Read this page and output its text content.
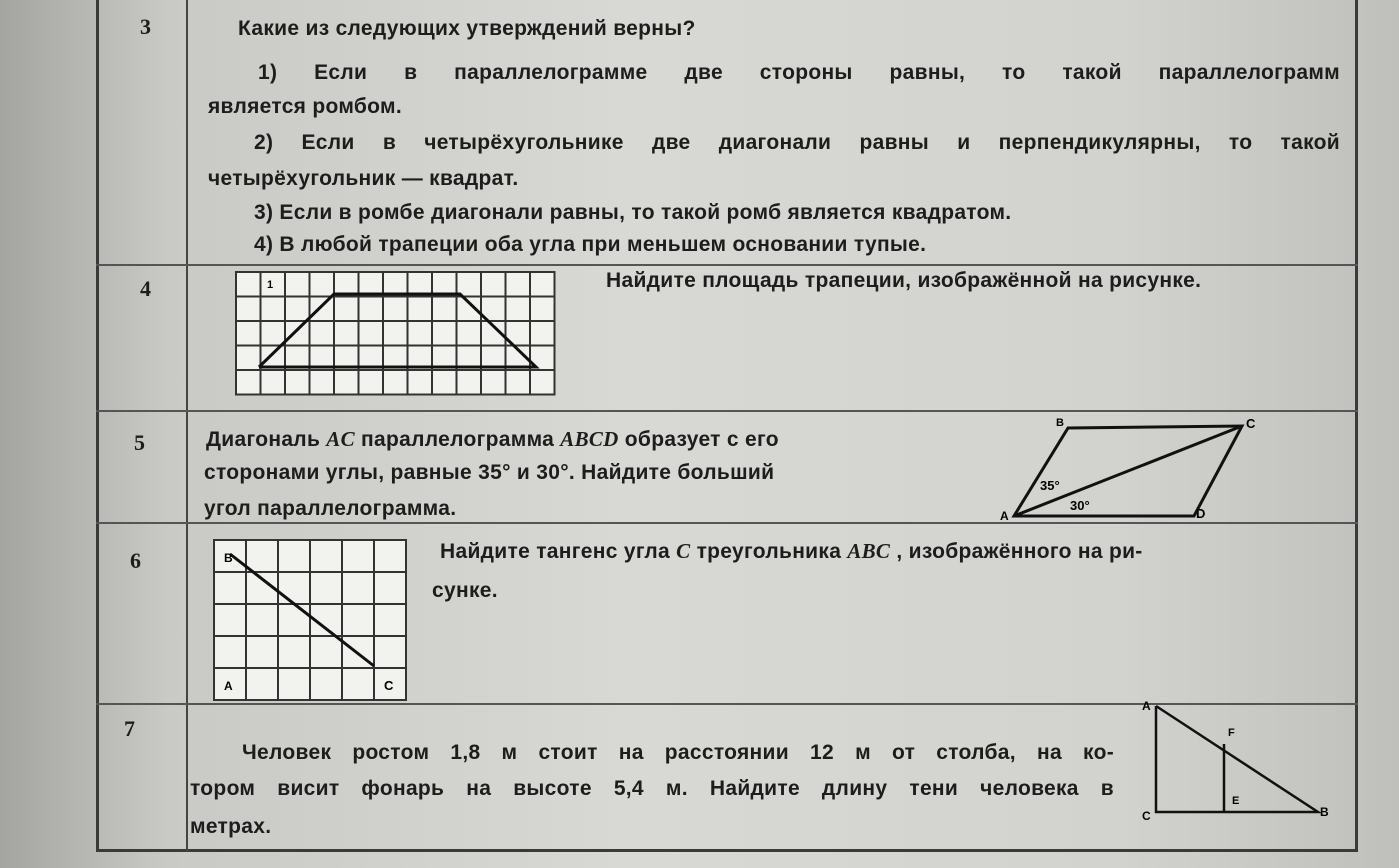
3	Какие из следующих утверждений верны?
1) Если в параллелограмме две стороны равны, то такой параллелограмм
является ромбом.
2) Если в четырёхугольнике две диагонали равны и перпендикулярны, то такой
четырёхугольник — квадрат.
3) Если в ромбе диагонали равны, то такой ромб является квадратом.
4) В любой трапеции оба угла при меньшем основании тупые.
4	1	Найдите площадь трапеции, изображённой на рисунке.
5	Диагональ AC параллелограмма ABCD образует с его
сторонами углы, равные 35° и 30°. Найдите больший
угол параллелограмма.
B	C
A	D
35°
30°
6	B
A	C
Найдите тангенс угла C треугольника ABC , изображённого на ри-
сунке.
7
Человек ростом 1,8 м стоит на расстоянии 12 м от столба, на ко-
тором висит фонарь на высоте 5,4 м. Найдите длину тени человека в
метрах.
A
F
E
C	B
